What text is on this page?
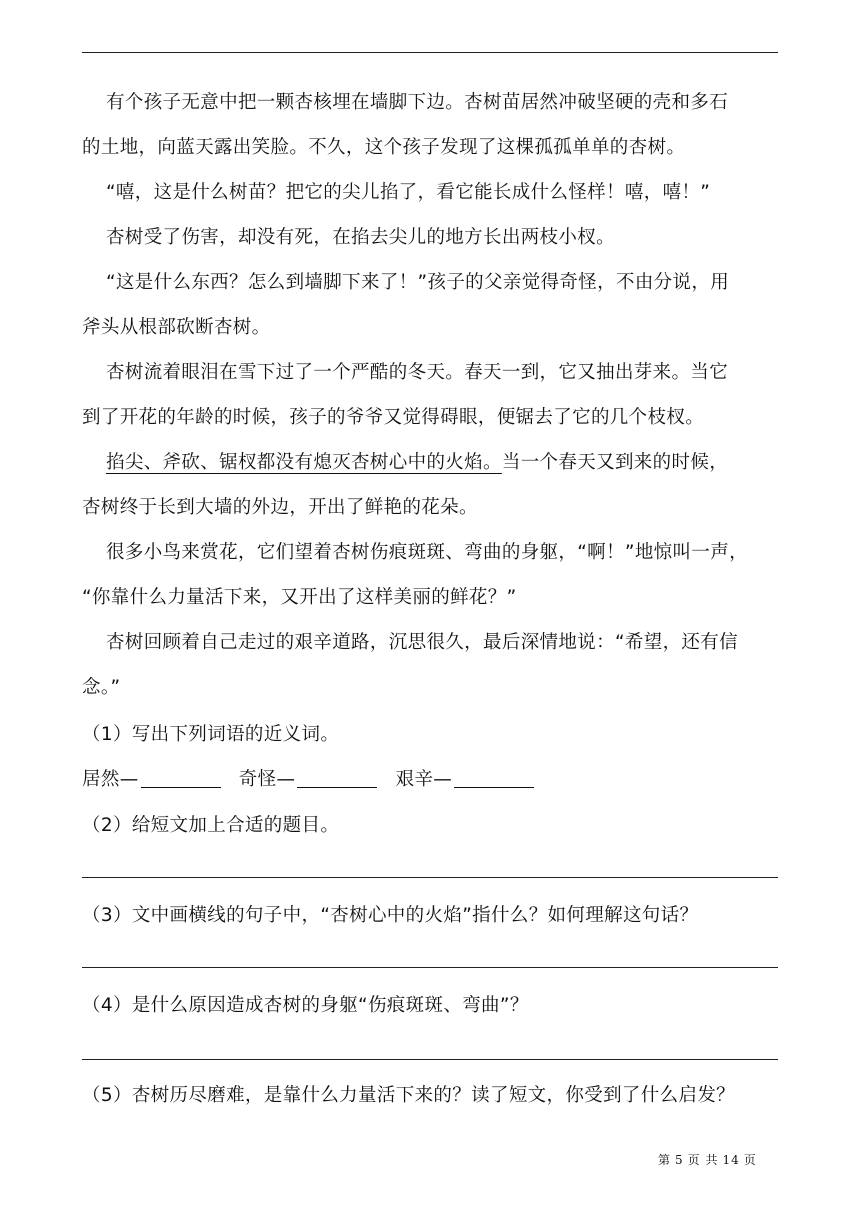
有个孩子无意中把一颗杏核埋在墙脚下边。杏树苗居然冲破坚硬的壳和多石

的土地，向蓝天露出笑脸。不久，这个孩子发现了这棵孤孤单单的杏树。

“嘻，这是什么树苗？把它的尖儿掐了，看它能长成什么怪样！嘻，嘻！”

杏树受了伤害，却没有死，在掐去尖儿的地方长出两枝小杈。

“这是什么东西？怎么到墙脚下来了！”孩子的父亲觉得奇怪，不由分说，用

斧头从根部砍断杏树。

杏树流着眼泪在雪下过了一个严酷的冬天。春天一到，它又抽出芽来。当它

到了开花的年龄的时候，孩子的爷爷又觉得碍眼，便锯去了它的几个枝杈。

掐尖、斧砍、锯杈都没有熄灭杏树心中的火焰。当一个春天又到来的时候，

杏树终于长到大墙的外边，开出了鲜艳的花朵。

很多小鸟来赏花，它们望着杏树伤痕斑斑、弯曲的身躯，“啊！”地惊叫一声，

“你靠什么力量活下来，又开出了这样美丽的鲜花？”

杏树回顾着自己走过的艰辛道路，沉思很久，最后深情地说：“希望，还有信

念。”

（1）写出下列词语的近义词。

居然—	奇怪—	艰辛—

（2）给短文加上合适的题目。

（3）文中画横线的句子中，“杏树心中的火焰”指什么？如何理解这句话？

（4）是什么原因造成杏树的身躯“伤痕斑斑、弯曲”？

（5）杏树历尽磨难，是靠什么力量活下来的？读了短文，你受到了什么启发？

第 5 页 共 14 页
